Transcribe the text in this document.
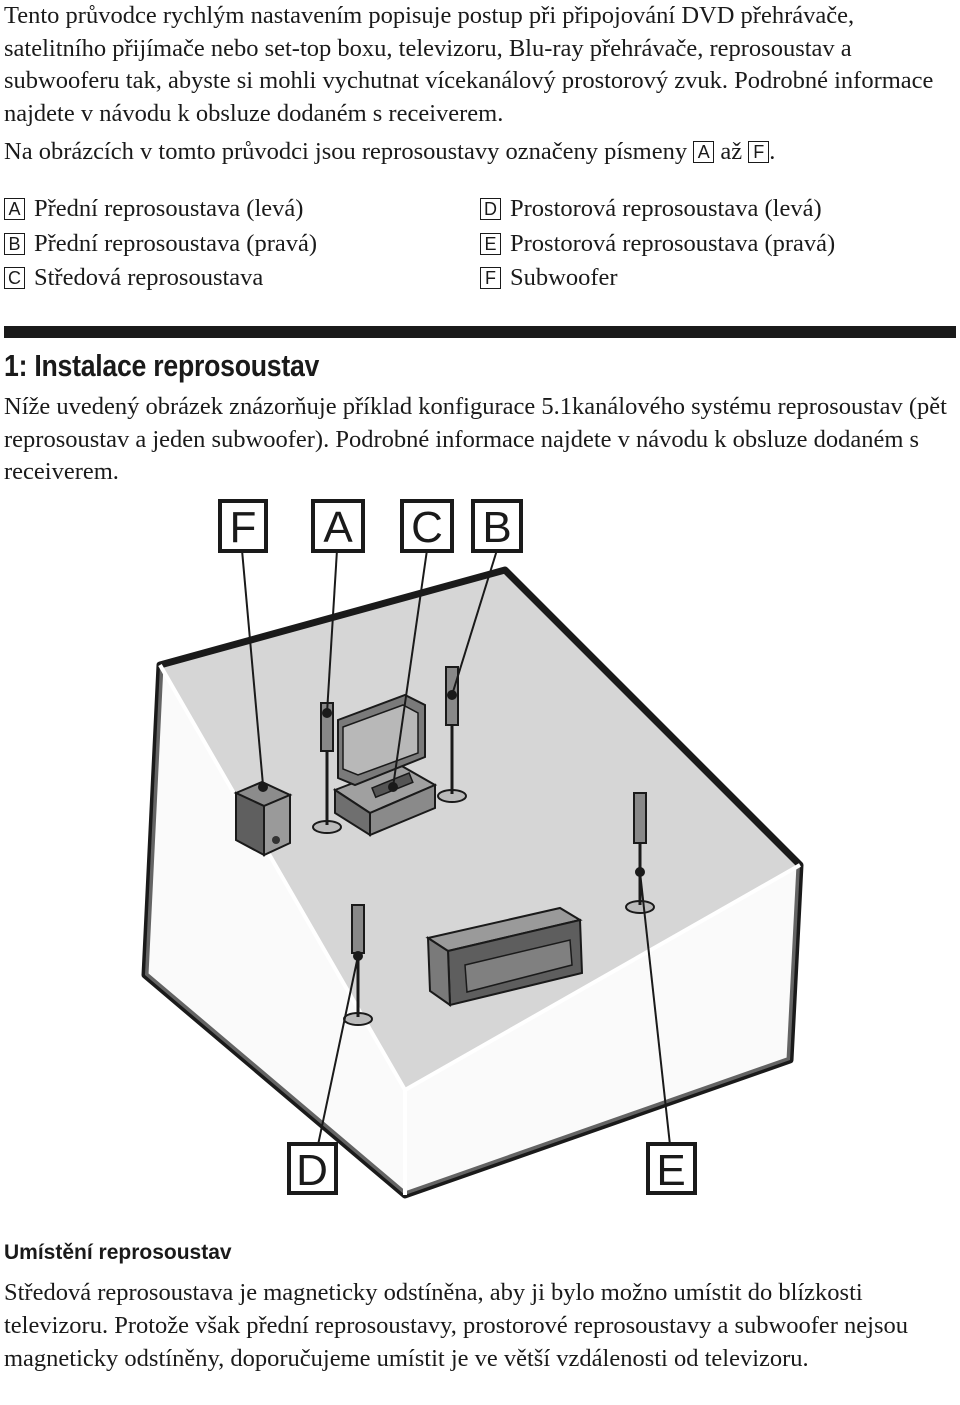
Tento průvodce rychlým nastavením popisuje postup při připojování DVD přehrávače, satelitního přijímače nebo set-top boxu, televizoru, Blu-ray přehrávače, reprosoustav a subwooferu tak, abyste si mohli vychutnat vícekanálový prostorový zvuk. Podrobné informace najdete v návodu k obsluze dodaném s receiverem.

Na obrázcích v tomto průvodci jsou reprosoustavy označeny písmeny A až F .

A Přední reprosoustava (levá)
B Přední reprosoustava (pravá)
C Středová reprosoustava
D Prostorová reprosoustava (levá)
E Prostorová reprosoustava (pravá)
F Subwoofer
1: Instalace reprosoustav

Níže uvedený obrázek znázorňuje příklad konfigurace 5.1kanálového systému reprosoustav (pět reprosoustav a jeden subwoofer). Podrobné informace najdete v návodu k obsluze dodaném s receiverem.

F A C B
D	E
Umístění reprosoustav

Středová reprosoustava je magneticky odstíněna, aby ji bylo možno umístit do blízkosti televizoru. Protože však přední reprosoustavy, prostorové reprosoustavy a subwoofer nejsou magneticky odstíněny, doporučujeme umístit je ve větší vzdálenosti od televizoru.
